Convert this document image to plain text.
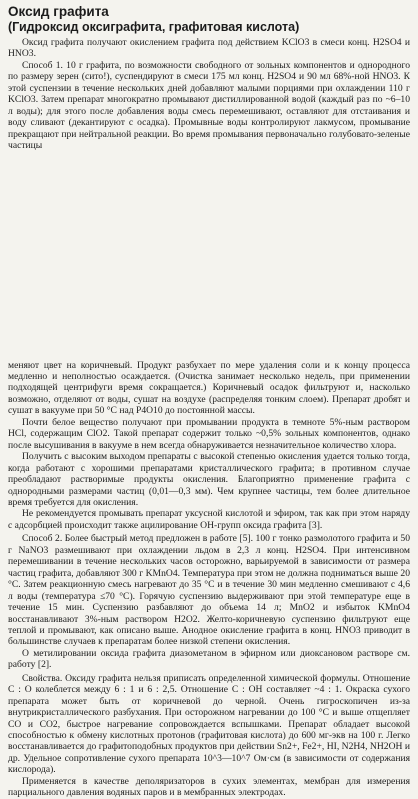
Оксид графита
(Гидроксид оксиграфита, графитовая кислота)

Оксид графита получают окислением графита под действием KClO3 в смеси конц. H2SO4 и HNO3.

Способ 1. 10 г графита, по возможности свободного от зольных компонентов и однородного по размеру зерен (сито!), суспендируют в смеси 175 мл конц. H2SO4 и 90 мл 68%-ной HNO3. К этой суспензии в течение нескольких дней добавляют малыми порциями при охлаждении 110 г KClO3. Затем препарат многократно промывают дистиллированной водой (каждый раз по ~6–10 л воды); для этого после добавления воды смесь перемешивают, оставляют для отстаивания и воду сливают (декантируют с осадка). Промывные воды контролируют лакмусом, промывание прекращают при нейтральной реакции. Во время промывания первоначально голубовато-зеленые частицы

меняют цвет на коричневый. Продукт разбухает по мере удаления соли и к концу процесса медленно и неполностью осаждается. (Очистка занимает несколько недель, при применении подходящей центрифуги время сокращается.) Коричневый осадок фильтруют и, насколько возможно, отделяют от воды, сушат на воздухе (распределяя тонким слоем). Препарат дробят и сушат в вакууме при 50 °C над P4O10 до постоянной массы.

Почти белое вещество получают при промывании продукта в темноте 5%-ным раствором HCl, содержащим ClO2. Такой препарат содержит только ~0,5% зольных компонентов, однако после высушивания в вакууме в нем всегда обнаруживается незначительное количество хлора.

Получить с высоким выходом препараты с высокой степенью окисления удается только тогда, когда работают с хорошими препаратами кристаллического графита; в противном случае преобладают растворимые продукты окисления. Благоприятно применение графита с однородными размерами частиц (0,01—0,3 мм). Чем крупнее частицы, тем более длительное время требуется для окисления.

Не рекомендуется промывать препарат уксусной кислотой и эфиром, так как при этом наряду с адсорбцией происходит также ацилирование OH-групп оксида графита [3].

Способ 2. Более быстрый метод предложен в работе [5]. 100 г тонко размолотого графита и 50 г NaNO3 размешивают при охлаждении льдом в 2,3 л конц. H2SO4. При интенсивном перемешивании в течение нескольких часов осторожно, варьируемой в зависимости от размера частиц графита, добавляют 300 г KMnO4. Температура при этом не должна подниматься выше 20 °C. Затем реакционную смесь нагревают до 35 °C и в течение 30 мин медленно смешивают с 4,6 л воды (температура ≤70 °C). Горячую суспензию выдерживают при этой температуре еще в течение 15 мин. Суспензию разбавляют до объема 14 л; MnO2 и избыток KMnO4 восстанавливают 3%-ным раствором H2O2. Желто-коричневую суспензию фильтруют еще теплой и промывают, как описано выше. Анодное окисление графита в конц. HNO3 приводит в большинстве случаев к препаратам более низкой степени окисления.

О метилировании оксида графита диазометаном в эфирном или диоксановом растворе см. работу [2].

Свойства. Оксиду графита нельзя приписать определенной химической формулы. Отношение C : O колеблется между 6 : 1 и 6 : 2,5. Отношение C : OH составляет ~4 : 1. Окраска сухого препарата может быть от коричневой до черной. Очень гигроскопичен из-за внутрикристаллического разбухания. При осторожном нагревании до 100 °C и выше отщепляет CO и CO2, быстрое нагревание сопровождается вспышками. Препарат обладает высокой способностью к обмену кислотных протонов (графитовая кислота) до 600 мг-экв на 100 г. Легко восстанавливается до графитоподобных продуктов при действии Sn2+, Fe2+, HI, N2H4, NH2OH и др. Удельное сопротивление сухого препарата 10^3—10^7 Ом·см (в зависимости от содержания кислорода).

Применяется в качестве деполяризаторов в сухих элементах, мембран для измерения парциального давления водяных паров и в мембранных электродах.
